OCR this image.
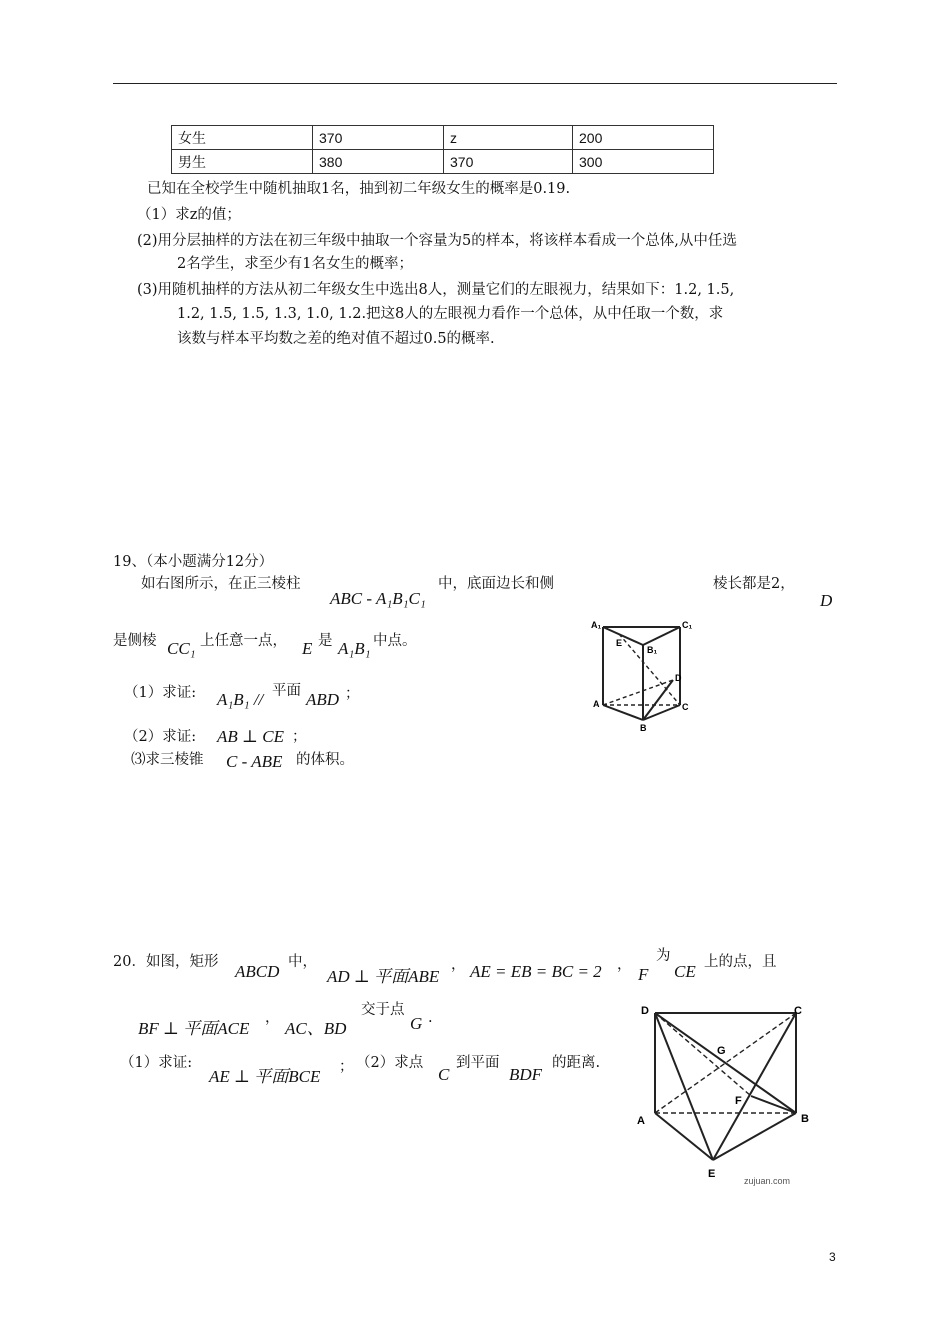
女生	370	z	200
男生	380	370	300
已知在全校学生中随机抽取1名，抽到初二年级女生的概率是0.19.
（1）求z的值；
(2)用分层抽样的方法在初三年级中抽取一个容量为5的样本，将该样本看成一个总体,从中任选
2名学生，求至少有1名女生的概率；
(3)用随机抽样的方法从初二年级女生中选出8人，测量它们的左眼视力，结果如下：1.2, 1.5,
1.2, 1.5, 1.5, 1.3, 1.0, 1.2.把这8人的左眼视力看作一个总体，从中任取一个数，求
该数与样本平均数之差的绝对值不超过0.5的概率.
19、（本小题满分12分）
如右图所示，在正三棱柱
ABC - A₁B₁C₁
中，底面边长和侧	棱长都是2，
D
是侧棱 CC₁ 上任意一点， E 是 A₁B₁ 中点。
（1）求证: A₁B₁ // 平面 ABD ；
（2）求证: AB ⊥ CE ；
⑶求三棱锥 C - ABE 的体积。
A₁	C₁
E
B₁
D
A	C
B
20．如图，矩形 ABCD 中，
AD ⊥ 平面ABE
， AE = EB = BC = 2 ， F
为
CE 上的点，且
BF ⊥ 平面ACE
，
AC、BD
交于点
G .
（1）求证:
AE ⊥ 平面BCE ； （2）求点
C
到平面
BDF
的距离.
D	C
G
F
A	B
E
zujuan.com
3
